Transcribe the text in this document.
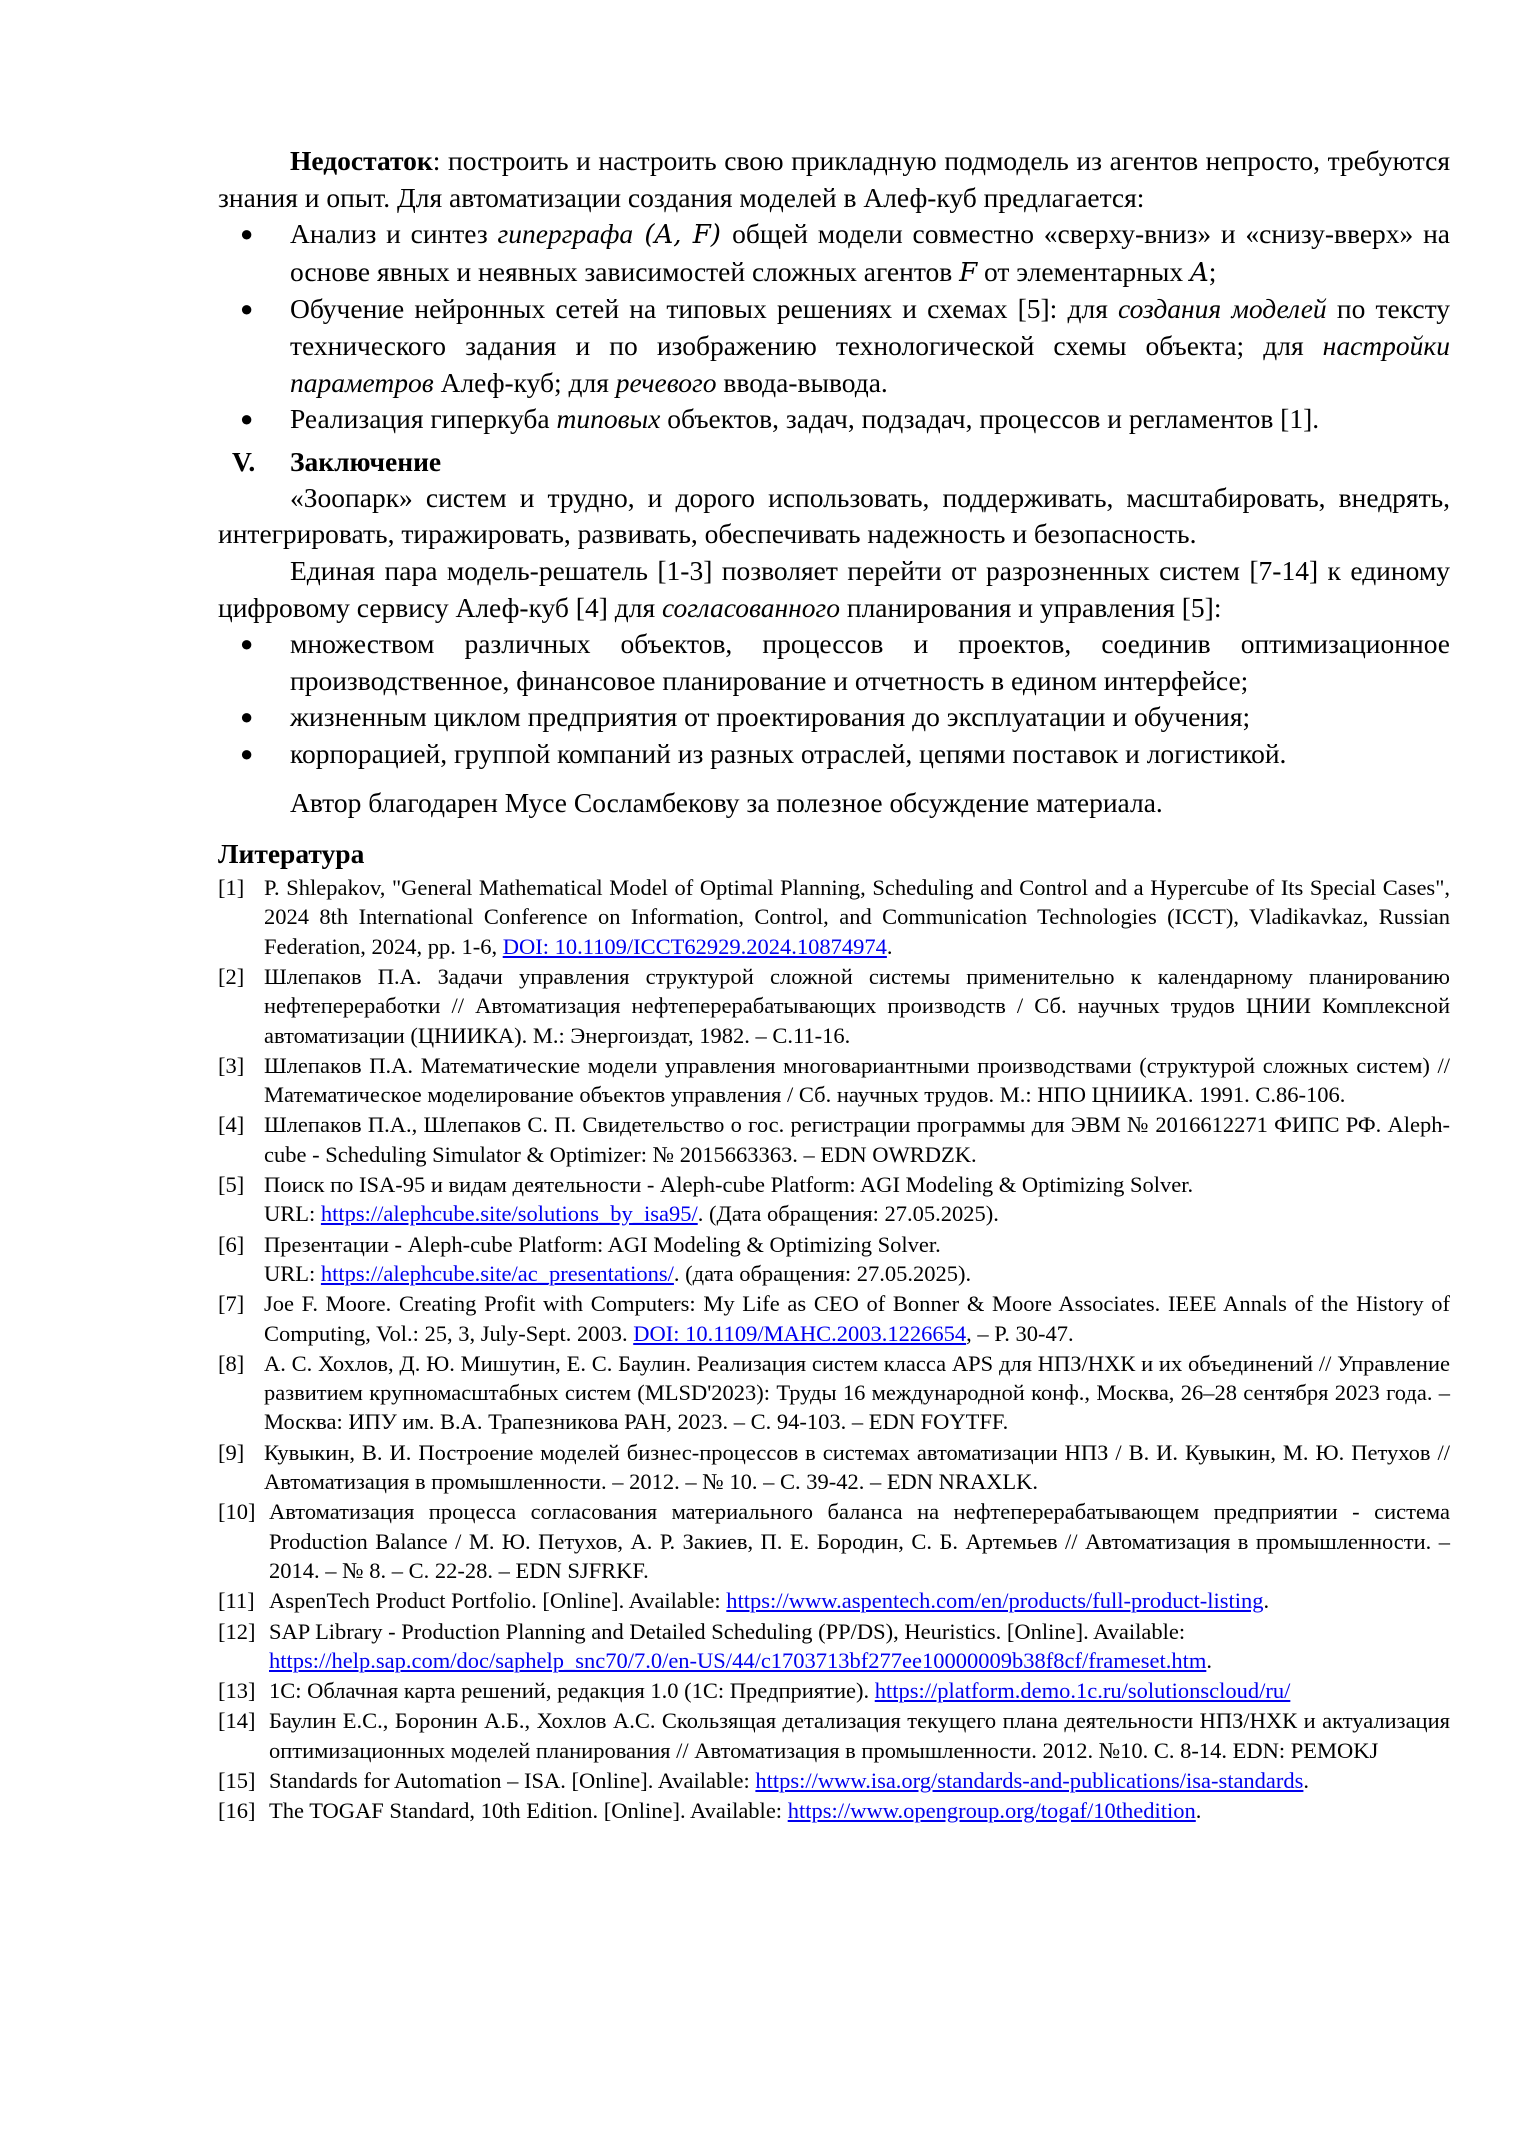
Недостаток: построить и настроить свою прикладную подмодель из агентов непросто, требуются знания и опыт. Для автоматизации создания моделей в Алеф-куб предлагается:

● Анализ и синтез гиперграфа (A, F) общей модели совместно «сверху-вниз» и «снизу-вверх» на основе явных и неявных зависимостей сложных агентов F от элементарных A;
● Обучение нейронных сетей на типовых решениях и схемах [5]: для создания моделей по тексту технического задания и по изображению технологической схемы объекта; для настройки параметров Алеф-куб; для речевого ввода-вывода.
● Реализация гиперкуба типовых объектов, задач, подзадач, процессов и регламентов [1].
V. Заключение

«Зоопарк» систем и трудно, и дорого использовать, поддерживать, масштабировать, внедрять, интегрировать, тиражировать, развивать, обеспечивать надежность и безопасность.

Единая пара модель-решатель [1-3] позволяет перейти от разрозненных систем [7-14] к единому цифровому сервису Алеф-куб [4] для согласованного планирования и управления [5]:

● множеством различных объектов, процессов и проектов, соединив оптимизационное производственное, финансовое планирование и отчетность в едином интерфейсе;
● жизненным циклом предприятия от проектирования до эксплуатации и обучения;
● корпорацией, группой компаний из разных отраслей, цепями поставок и логистикой.

Автор благодарен Мусе Сосламбекову за полезное обсуждение материала.

Литература
[1] P. Shlepakov, "General Mathematical Model of Optimal Planning, Scheduling and Control and a Hypercube of Its Special Cases", 2024 8th International Conference on Information, Control, and Communication Technologies (ICCT), Vladikavkaz, Russian Federation, 2024, pp. 1-6, DOI: 10.1109/ICCT62929.2024.10874974.
[2] Шлепаков П.А. Задачи управления структурой сложной системы применительно к календарному планированию нефтепереработки // Автоматизация нефтеперерабатывающих производств / Сб. научных трудов ЦНИИ Комплексной автоматизации (ЦНИИКА). М.: Энергоиздат, 1982. – С.11-16.
[3] Шлепаков П.А. Математические модели управления многовариантными производствами (структурой сложных систем) // Математическое моделирование объектов управления / Сб. научных трудов. М.: НПО ЦНИИКА. 1991. С.86-106.
[4] Шлепаков П.А., Шлепаков С. П. Свидетельство о гос. регистрации программы для ЭВМ № 2016612271 ФИПС РФ. Aleph-cube - Scheduling Simulator & Optimizer: № 2015663363. – EDN OWRDZK.
[5] Поиск по ISA-95 и видам деятельности - Aleph-cube Platform: AGI Modeling & Optimizing Solver.
URL: https://alephcube.site/solutions_by_isa95/. (Дата обращения: 27.05.2025).
[6] Презентации - Aleph-cube Platform: AGI Modeling & Optimizing Solver.
URL: https://alephcube.site/ac_presentations/. (дата обращения: 27.05.2025).
[7] Joe F. Moore. Creating Profit with Computers: My Life as CEO of Bonner & Moore Associates. IEEE Annals of the History of Computing, Vol.: 25, 3, July-Sept. 2003. DOI: 10.1109/MAHC.2003.1226654, – P. 30-47.
[8] А. С. Хохлов, Д. Ю. Мишутин, Е. С. Баулин. Реализация систем класса APS для НПЗ/НХК и их объединений // Управление развитием крупномасштабных систем (MLSD'2023): Труды 16 международной конф., Москва, 26–28 сентября 2023 года. – Москва: ИПУ им. В.А. Трапезникова РАН, 2023. – С. 94-103. – EDN FOYTFF.
[9] Кувыкин, В. И. Построение моделей бизнес-процессов в системах автоматизации НПЗ / В. И. Кувыкин, М. Ю. Петухов // Автоматизация в промышленности. – 2012. – № 10. – С. 39-42. – EDN NRAXLK.
[10] Автоматизация процесса согласования материального баланса на нефтеперерабатывающем предприятии - система Production Balance / М. Ю. Петухов, А. Р. Закиев, П. Е. Бородин, С. Б. Артемьев // Автоматизация в промышленности. – 2014. – № 8. – С. 22-28. – EDN SJFRKF.
[11] AspenTech Product Portfolio. [Online]. Available: https://www.aspentech.com/en/products/full-product-listing.
[12] SAP Library - Production Planning and Detailed Scheduling (PP/DS), Heuristics. [Online]. Available:
https://help.sap.com/doc/saphelp_snc70/7.0/en-US/44/c1703713bf277ee10000009b38f8cf/frameset.htm.
[13] 1С: Облачная карта решений, редакция 1.0 (1С: Предприятие). https://platform.demo.1c.ru/solutionscloud/ru/
[14] Баулин Е.С., Боронин А.Б., Хохлов А.С. Скользящая детализация текущего плана деятельности НПЗ/НХК и актуализация оптимизационных моделей планирования // Автоматизация в промышленности. 2012. №10. С. 8-14. EDN: PEMOKJ
[15] Standards for Automation – ISA. [Online]. Available: https://www.isa.org/standards-and-publications/isa-standards.
[16] The TOGAF Standard, 10th Edition. [Online]. Available: https://www.opengroup.org/togaf/10thedition.
